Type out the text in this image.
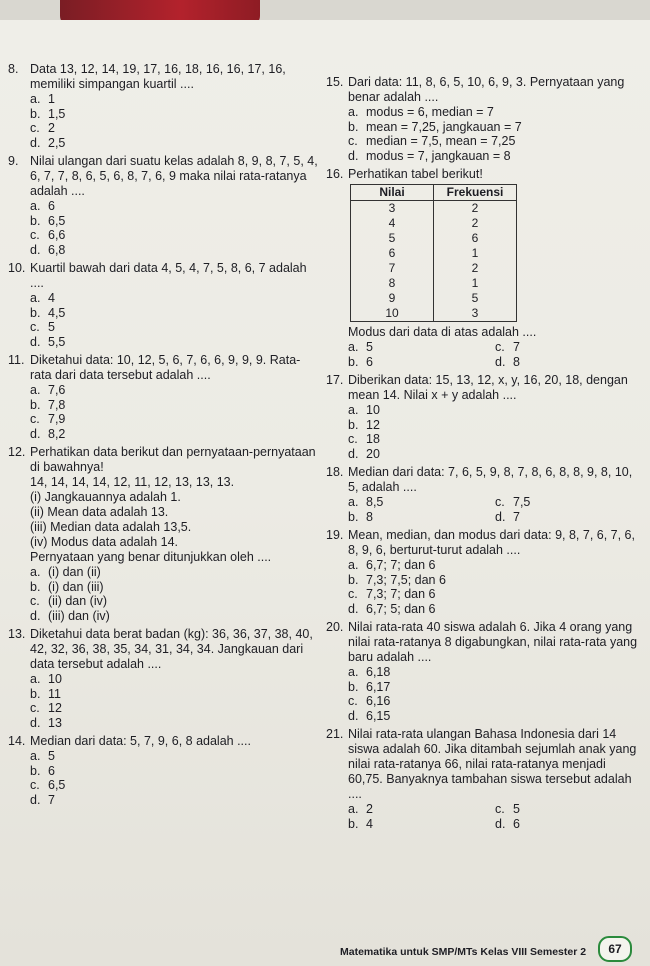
8. Data 13, 12, 14, 19, 17, 16, 18, 16, 16, 17, 16, memiliki simpangan kuartil ....
a. 1
b. 1,5
c. 2
d. 2,5
9. Nilai ulangan dari suatu kelas adalah 8, 9, 8, 7, 5, 4, 6, 7, 7, 8, 6, 5, 6, 8, 7, 6, 9 maka nilai rata-ratanya adalah ....
a. 6
b. 6,5
c. 6,6
d. 6,8
10. Kuartil bawah dari data 4, 5, 4, 7, 5, 8, 6, 7 adalah ....
a. 4
b. 4,5
c. 5
d. 5,5
11. Diketahui data: 10, 12, 5, 6, 7, 6, 6, 9, 9, 9. Rata-rata dari data tersebut adalah ....
a. 7,6
b. 7,8
c. 7,9
d. 8,2
12. Perhatikan data berikut dan pernyataan-pernyataan di bawahnya!
14, 14, 14, 14, 12, 11, 12, 13, 13, 13.
(i) Jangkauannya adalah 1.
(ii) Mean data adalah 13.
(iii) Median data adalah 13,5.
(iv) Modus data adalah 14.
Pernyataan yang benar ditunjukkan oleh ....
a. (i) dan (ii)
b. (i) dan (iii)
c. (ii) dan (iv)
d. (iii) dan (iv)
13. Diketahui data berat badan (kg): 36, 36, 37, 38, 40, 42, 32, 36, 38, 35, 34, 31, 34, 34. Jangkauan dari data tersebut adalah ....
a. 10
b. 11
c. 12
d. 13
14. Median dari data: 5, 7, 9, 6, 8 adalah ....
a. 5
b. 6
c. 6,5
d. 7
15. Dari data: 11, 8, 6, 5, 10, 6, 9, 3. Pernyataan yang benar adalah ....
a. modus = 6, median = 7
b. mean = 7,25, jangkauan = 7
c. median = 7,5, mean = 7,25
d. modus = 7, jangkauan = 8
16. Perhatikan tabel berikut!
Nilai	Frekuensi
3	2
4	2
5	6
6	1
7	2
8	1
9	5
10	3
Modus dari data di atas adalah ....
a. 5	c. 7
b. 6	d. 8
17. Diberikan data: 15, 13, 12, x, y, 16, 20, 18, dengan mean 14. Nilai x + y adalah ....
a. 10
b. 12
c. 18
d. 20
18. Median dari data: 7, 6, 5, 9, 8, 7, 8, 6, 8, 8, 9, 8, 10, 5, adalah ....
a. 8,5	c. 7,5
b. 8	d. 7
19. Mean, median, dan modus dari data: 9, 8, 7, 6, 7, 6, 8, 9, 6, berturut-turut adalah ....
a. 6,7; 7; dan 6
b. 7,3; 7,5; dan 6
c. 7,3; 7; dan 6
d. 6,7; 5; dan 6
20. Nilai rata-rata 40 siswa adalah 6. Jika 4 orang yang nilai rata-ratanya 8 digabungkan, nilai rata-rata yang baru adalah ....
a. 6,18
b. 6,17
c. 6,16
d. 6,15
21. Nilai rata-rata ulangan Bahasa Indonesia dari 14 siswa adalah 60. Jika ditambah sejumlah anak yang nilai rata-ratanya 66, nilai rata-ratanya menjadi 60,75. Banyaknya tambahan siswa tersebut adalah ....
a. 2	c. 5
b. 4	d. 6
Matematika untuk SMP/MTs Kelas VIII Semester 2	67
